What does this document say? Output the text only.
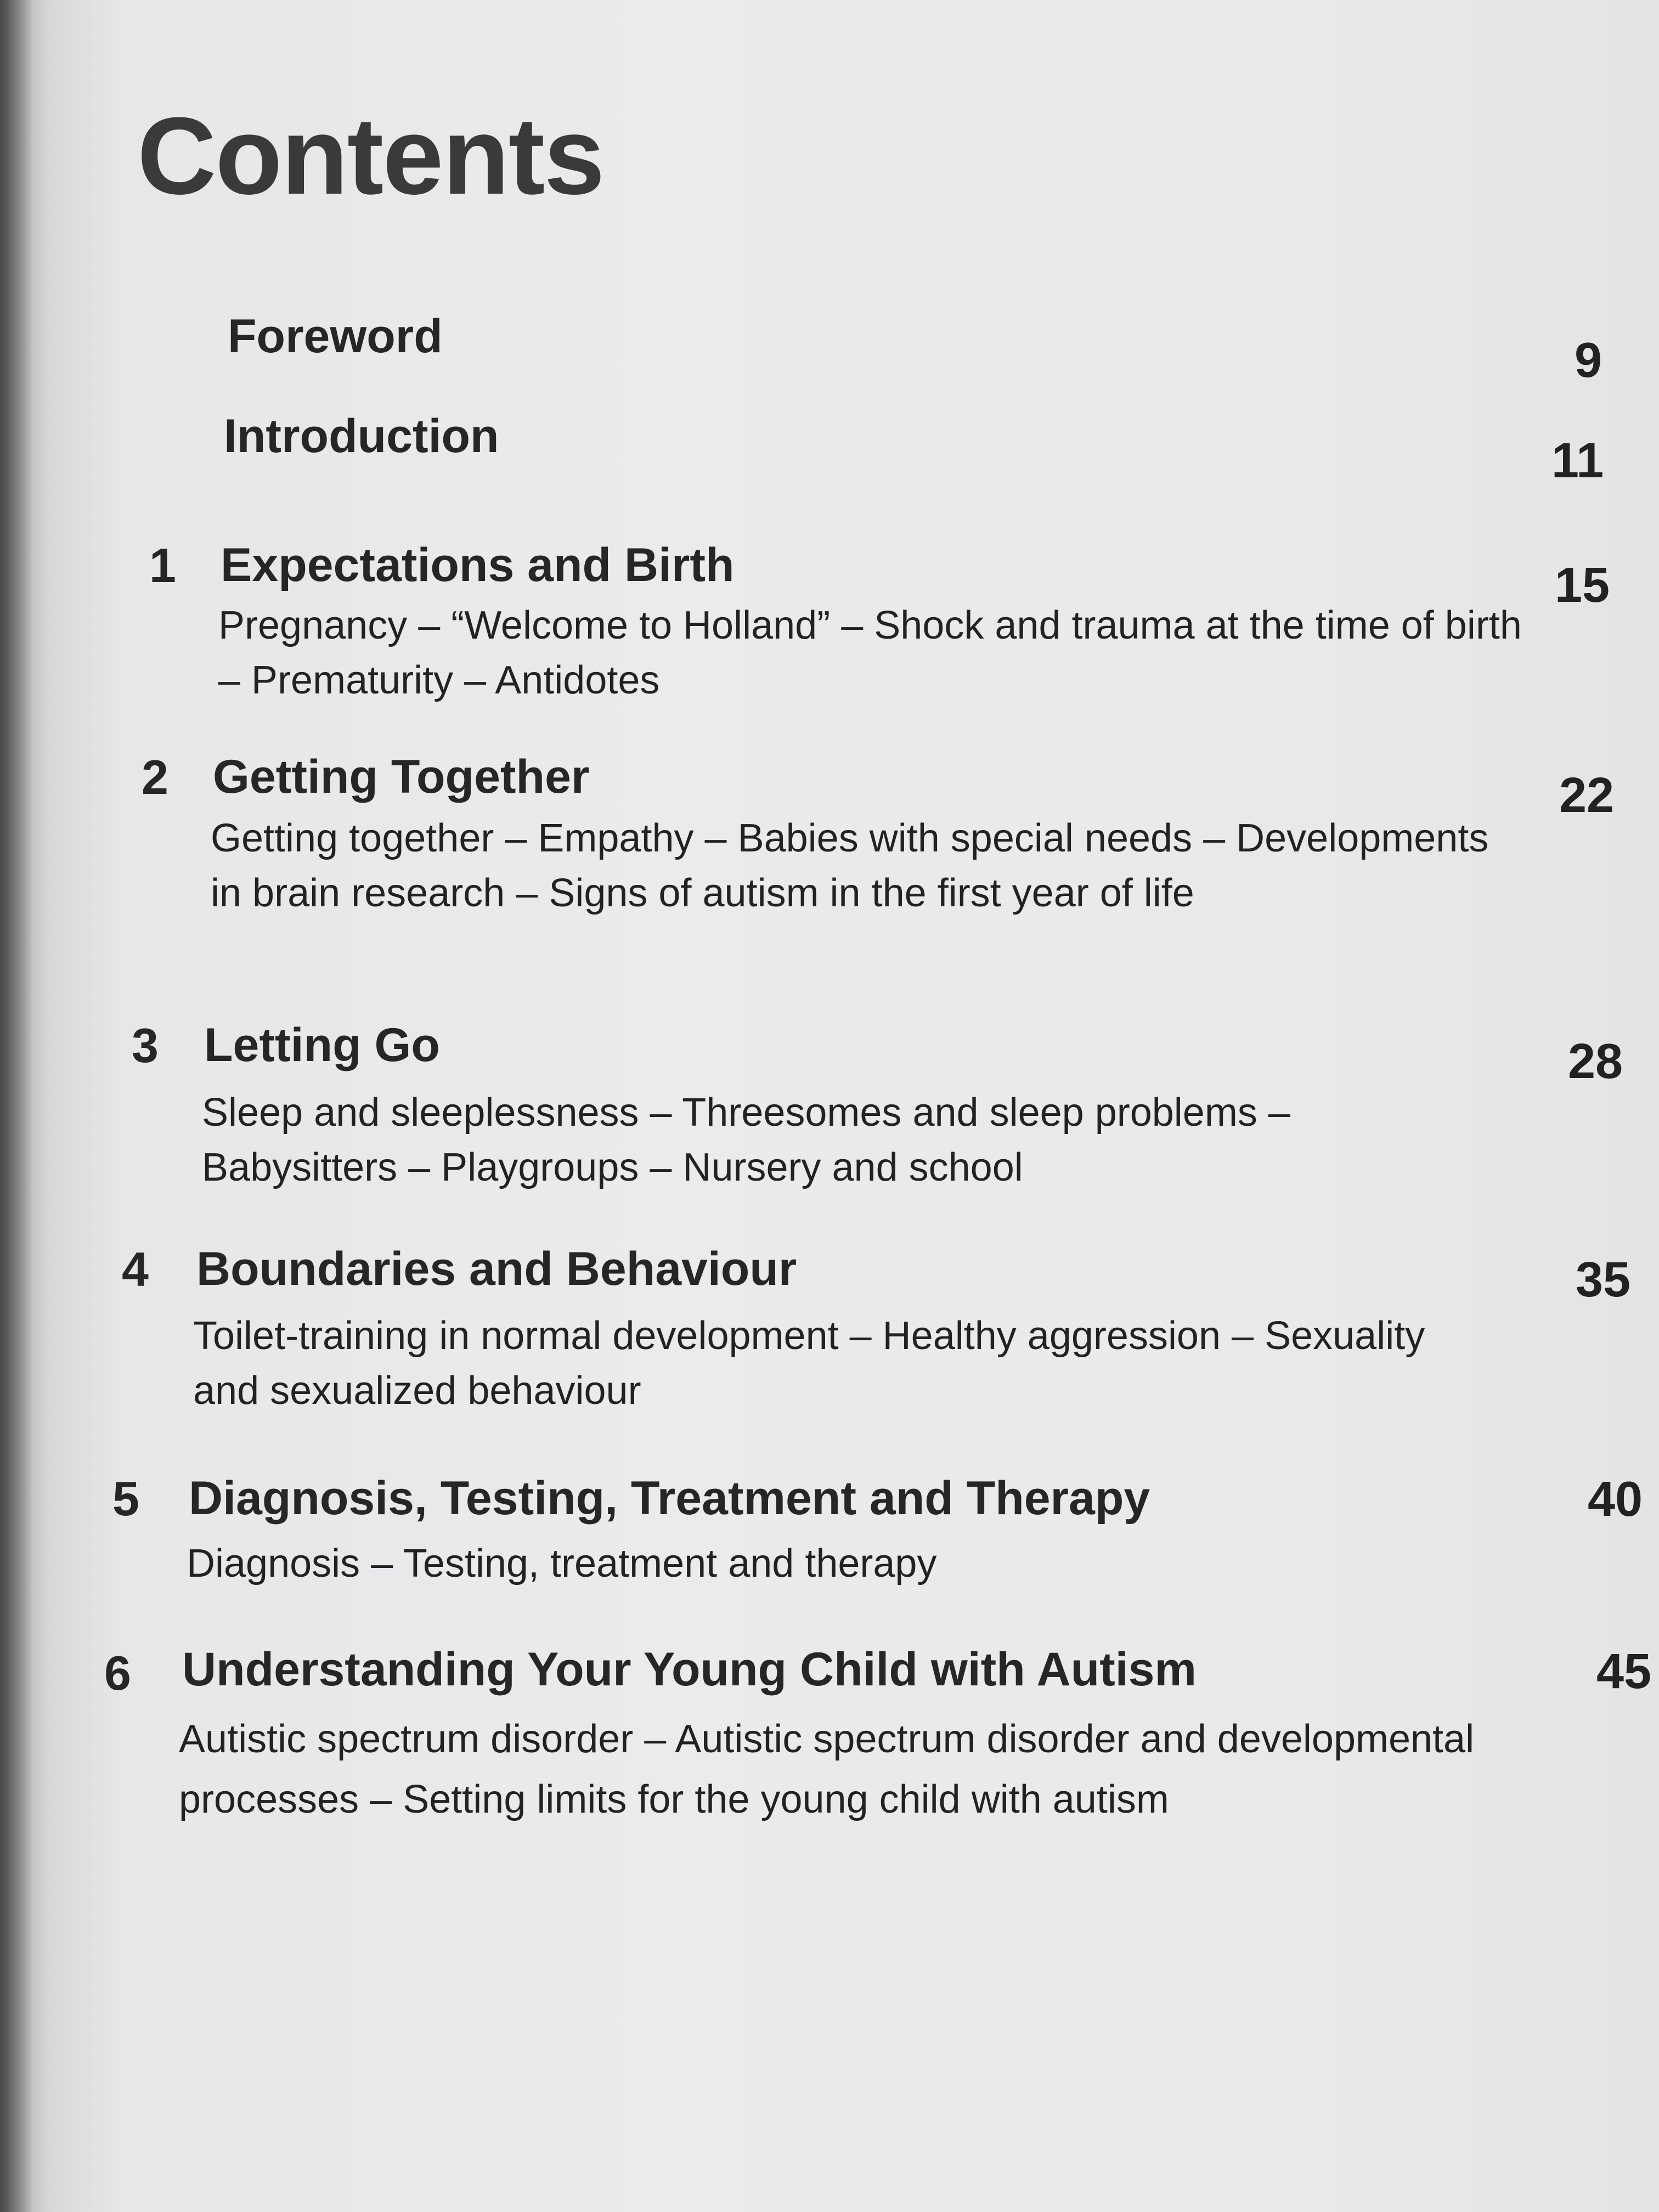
Contents
Foreword	9
Introduction	11
1 Expectations and Birth	15
Pregnancy – “Welcome to Holland” – Shock and trauma at the time of birth – Prematurity – Antidotes
2 Getting Together	22
Getting together – Empathy – Babies with special needs – Developments in brain research – Signs of autism in the first year of life
3 Letting Go	28
Sleep and sleeplessness – Threesomes and sleep problems – Babysitters – Playgroups – Nursery and school
4 Boundaries and Behaviour	35
Toilet-training in normal development – Healthy aggression – Sexuality and sexualized behaviour
5 Diagnosis, Testing, Treatment and Therapy	40
Diagnosis – Testing, treatment and therapy
6 Understanding Your Young Child with Autism	45
Autistic spectrum disorder – Autistic spectrum disorder and developmental processes – Setting limits for the young child with autism
